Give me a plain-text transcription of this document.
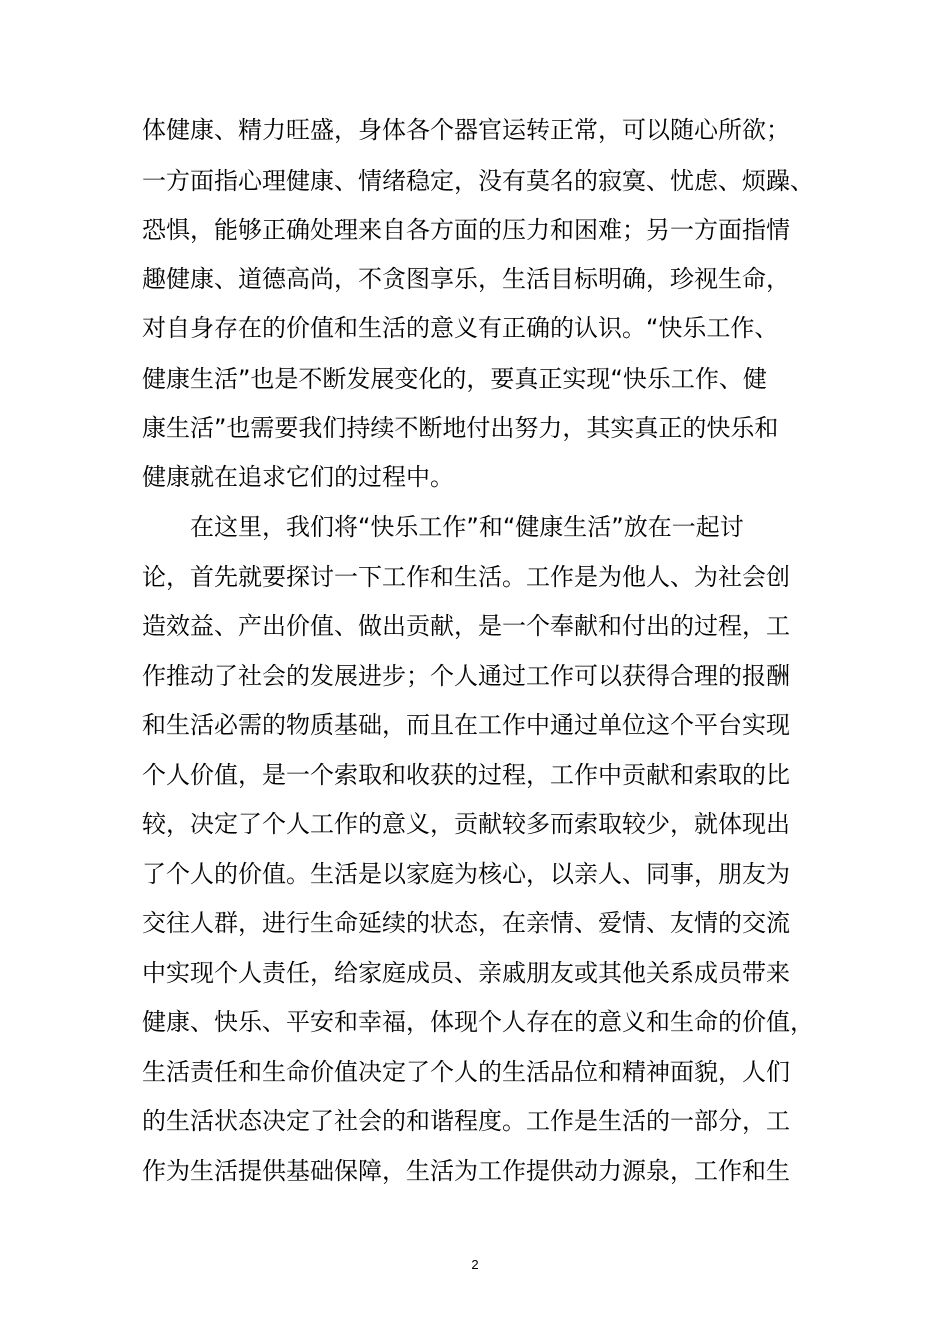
体健康、精力旺盛，身体各个器官运转正常，可以随心所欲；
一方面指心理健康、情绪稳定，没有莫名的寂寞、忧虑、烦躁、
恐惧，能够正确处理来自各方面的压力和困难；另一方面指情
趣健康、道德高尚，不贪图享乐，生活目标明确，珍视生命，
对自身存在的价值和生活的意义有正确的认识。“快乐工作、
健康生活”也是不断发展变化的，要真正实现“快乐工作、健
康生活”也需要我们持续不断地付出努力，其实真正的快乐和
健康就在追求它们的过程中。
　　在这里，我们将“快乐工作”和“健康生活”放在一起讨
论，首先就要探讨一下工作和生活。工作是为他人、为社会创
造效益、产出价值、做出贡献，是一个奉献和付出的过程，工
作推动了社会的发展进步；个人通过工作可以获得合理的报酬
和生活必需的物质基础，而且在工作中通过单位这个平台实现
个人价值，是一个索取和收获的过程，工作中贡献和索取的比
较，决定了个人工作的意义，贡献较多而索取较少，就体现出
了个人的价值。生活是以家庭为核心，以亲人、同事，朋友为
交往人群，进行生命延续的状态，在亲情、爱情、友情的交流
中实现个人责任，给家庭成员、亲戚朋友或其他关系成员带来
健康、快乐、平安和幸福，体现个人存在的意义和生命的价值，
生活责任和生命价值决定了个人的生活品位和精神面貌，人们
的生活状态决定了社会的和谐程度。工作是生活的一部分，工
作为生活提供基础保障，生活为工作提供动力源泉，工作和生
2
